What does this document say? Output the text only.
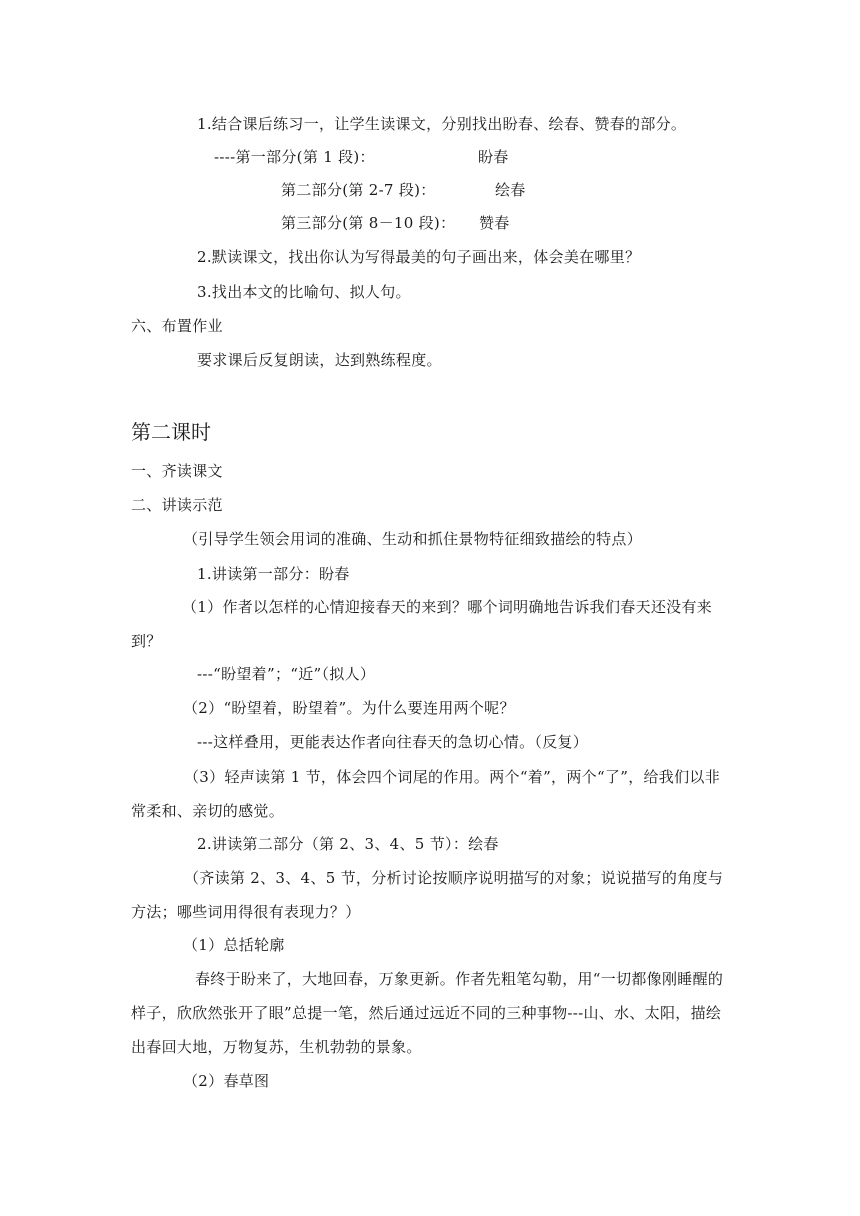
1.结合课后练习一，让学生读课文，分别找出盼春、绘春、赞春的部分。
----第一部分(第 1 段)：	盼春
第二部分(第 2-7 段)：	绘春
第三部分(第 8－10 段)： 赞春
2.默读课文，找出你认为写得最美的句子画出来，体会美在哪里？
3.找出本文的比喻句、拟人句。
六、布置作业
要求课后反复朗读，达到熟练程度。
第二课时
一、齐读课文
二、讲读示范
（引导学生领会用词的准确、生动和抓住景物特征细致描绘的特点）
1.讲读第一部分：盼春
（1）作者以怎样的心情迎接春天的来到？哪个词明确地告诉我们春天还没有来到？
---“盼望着”；“近”（拟人）
（2）“盼望着，盼望着”。为什么要连用两个呢？
---这样叠用，更能表达作者向往春天的急切心情。（反复）
（3）轻声读第 1 节，体会四个词尾的作用。两个“着”，两个“了”，给我们以非常柔和、亲切的感觉。
2.讲读第二部分（第 2、3、4、5 节）：绘春
（齐读第 2、3、4、5 节，分析讨论按顺序说明描写的对象；说说描写的角度与方法；哪些词用得很有表现力？）
（1）总括轮廓
春终于盼来了，大地回春，万象更新。作者先粗笔勾勒，用“一切都像刚睡醒的样子，欣欣然张开了眼”总提一笔，然后通过远近不同的三种事物---山、水、太阳，描绘出春回大地，万物复苏，生机勃勃的景象。
（2）春草图
